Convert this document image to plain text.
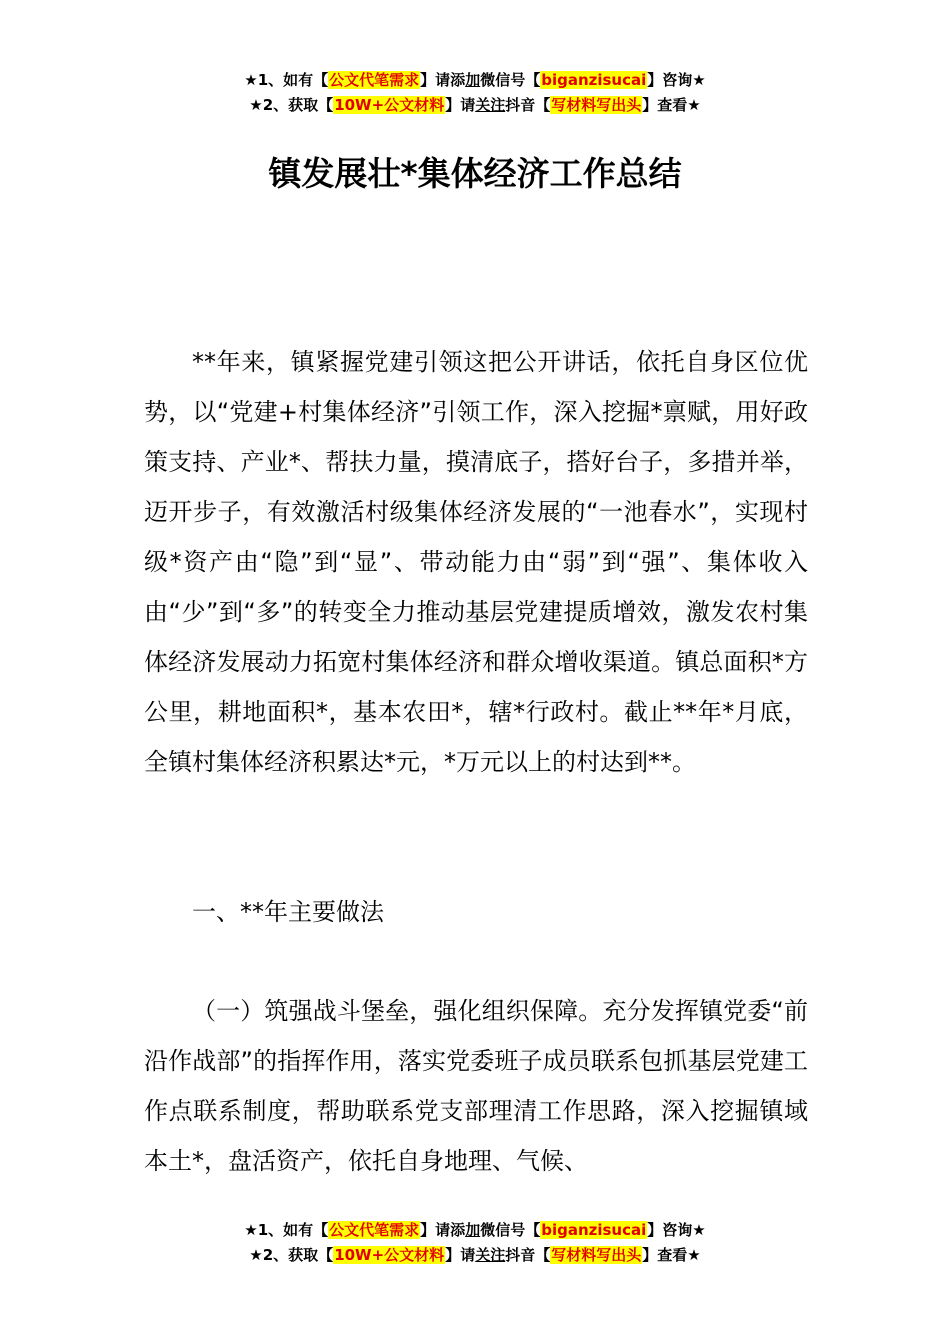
★1、如有【公文代笔需求】请添加微信号【biganzisucai】咨询★
★2、获取【10W+公文材料】请关注抖音【写材料写出头】查看★
镇发展壮*集体经济工作总结

**年来，镇紧握党建引领这把公开讲话，依托自身区位优势，以“党建+村集体经济”引领工作，深入挖掘*禀赋，用好政策支持、产业*、帮扶力量，摸清底子，搭好台子，多措并举，迈开步子，有效激活村级集体经济发展的“一池春水”，实现村级*资产由“隐”到“显”、带动能力由“弱”到“强”、集体收入由“少”到“多”的转变全力推动基层党建提质增效，激发农村集体经济发展动力拓宽村集体经济和群众增收渠道。镇总面积*方公里，耕地面积*，基本农田*，辖*行政村。截止**年*月底，全镇村集体经济积累达*元，*万元以上的村达到**。

一、**年主要做法

（一）筑强战斗堡垒，强化组织保障。充分发挥镇党委“前沿作战部”的指挥作用，落实党委班子成员联系包抓基层党建工作点联系制度，帮助联系党支部理清工作思路，深入挖掘镇域本土*，盘活资产，依托自身地理、气候、

★1、如有【公文代笔需求】请添加微信号【biganzisucai】咨询★
★2、获取【10W+公文材料】请关注抖音【写材料写出头】查看★
